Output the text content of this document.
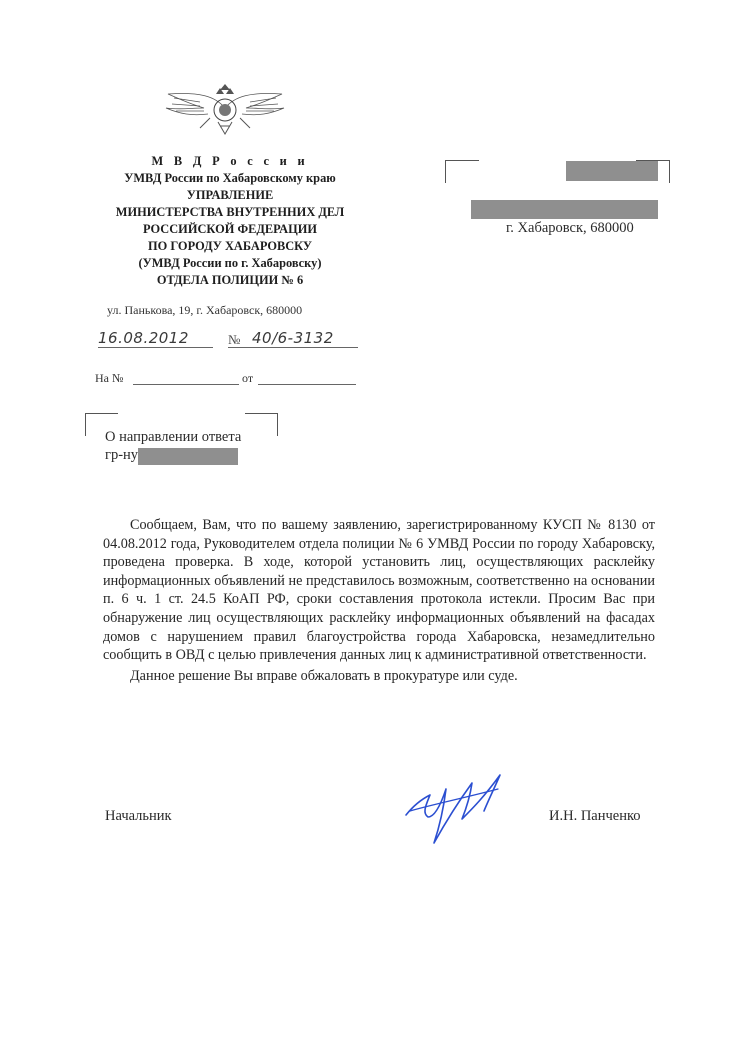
М В Д Р о с с и и
УМВД России по Хабаровскому краю
УПРАВЛЕНИЕ
МИНИСТЕРСТВА ВНУТРЕННИХ ДЕЛ
РОССИЙСКОЙ ФЕДЕРАЦИИ
ПО ГОРОДУ ХАБАРОВСКУ
(УМВД России по г. Хабаровску)
ОТДЕЛА ПОЛИЦИИ № 6
ул. Панькова, 19, г. Хабаровск, 680000
16.08.2012	№ 40/6-3132
На №	от
г. Хабаровск, 680000
О направлении ответа
гр-ну

Сообщаем, Вам, что по вашему заявлению, зарегистрированному КУСП № 8130 от 04.08.2012 года, Руководителем отдела полиции № 6 УМВД России по городу Хабаровску, проведена проверка. В ходе, которой установить лиц, осуществляющих расклейку информационных объявлений не представилось возможным, соответственно на основании п. 6 ч. 1 ст. 24.5 КоАП РФ, сроки составления протокола истекли. Просим Вас при обнаружение лиц осуществляющих расклейку информационных объявлений на фасадах домов с нарушением правил благоустройства города Хабаровска, незамедлительно сообщить в ОВД с целью привлечения данных лиц к административной ответственности.

Данное решение Вы вправе обжаловать в прокуратуре или суде.

Начальник	И.Н. Панченко
